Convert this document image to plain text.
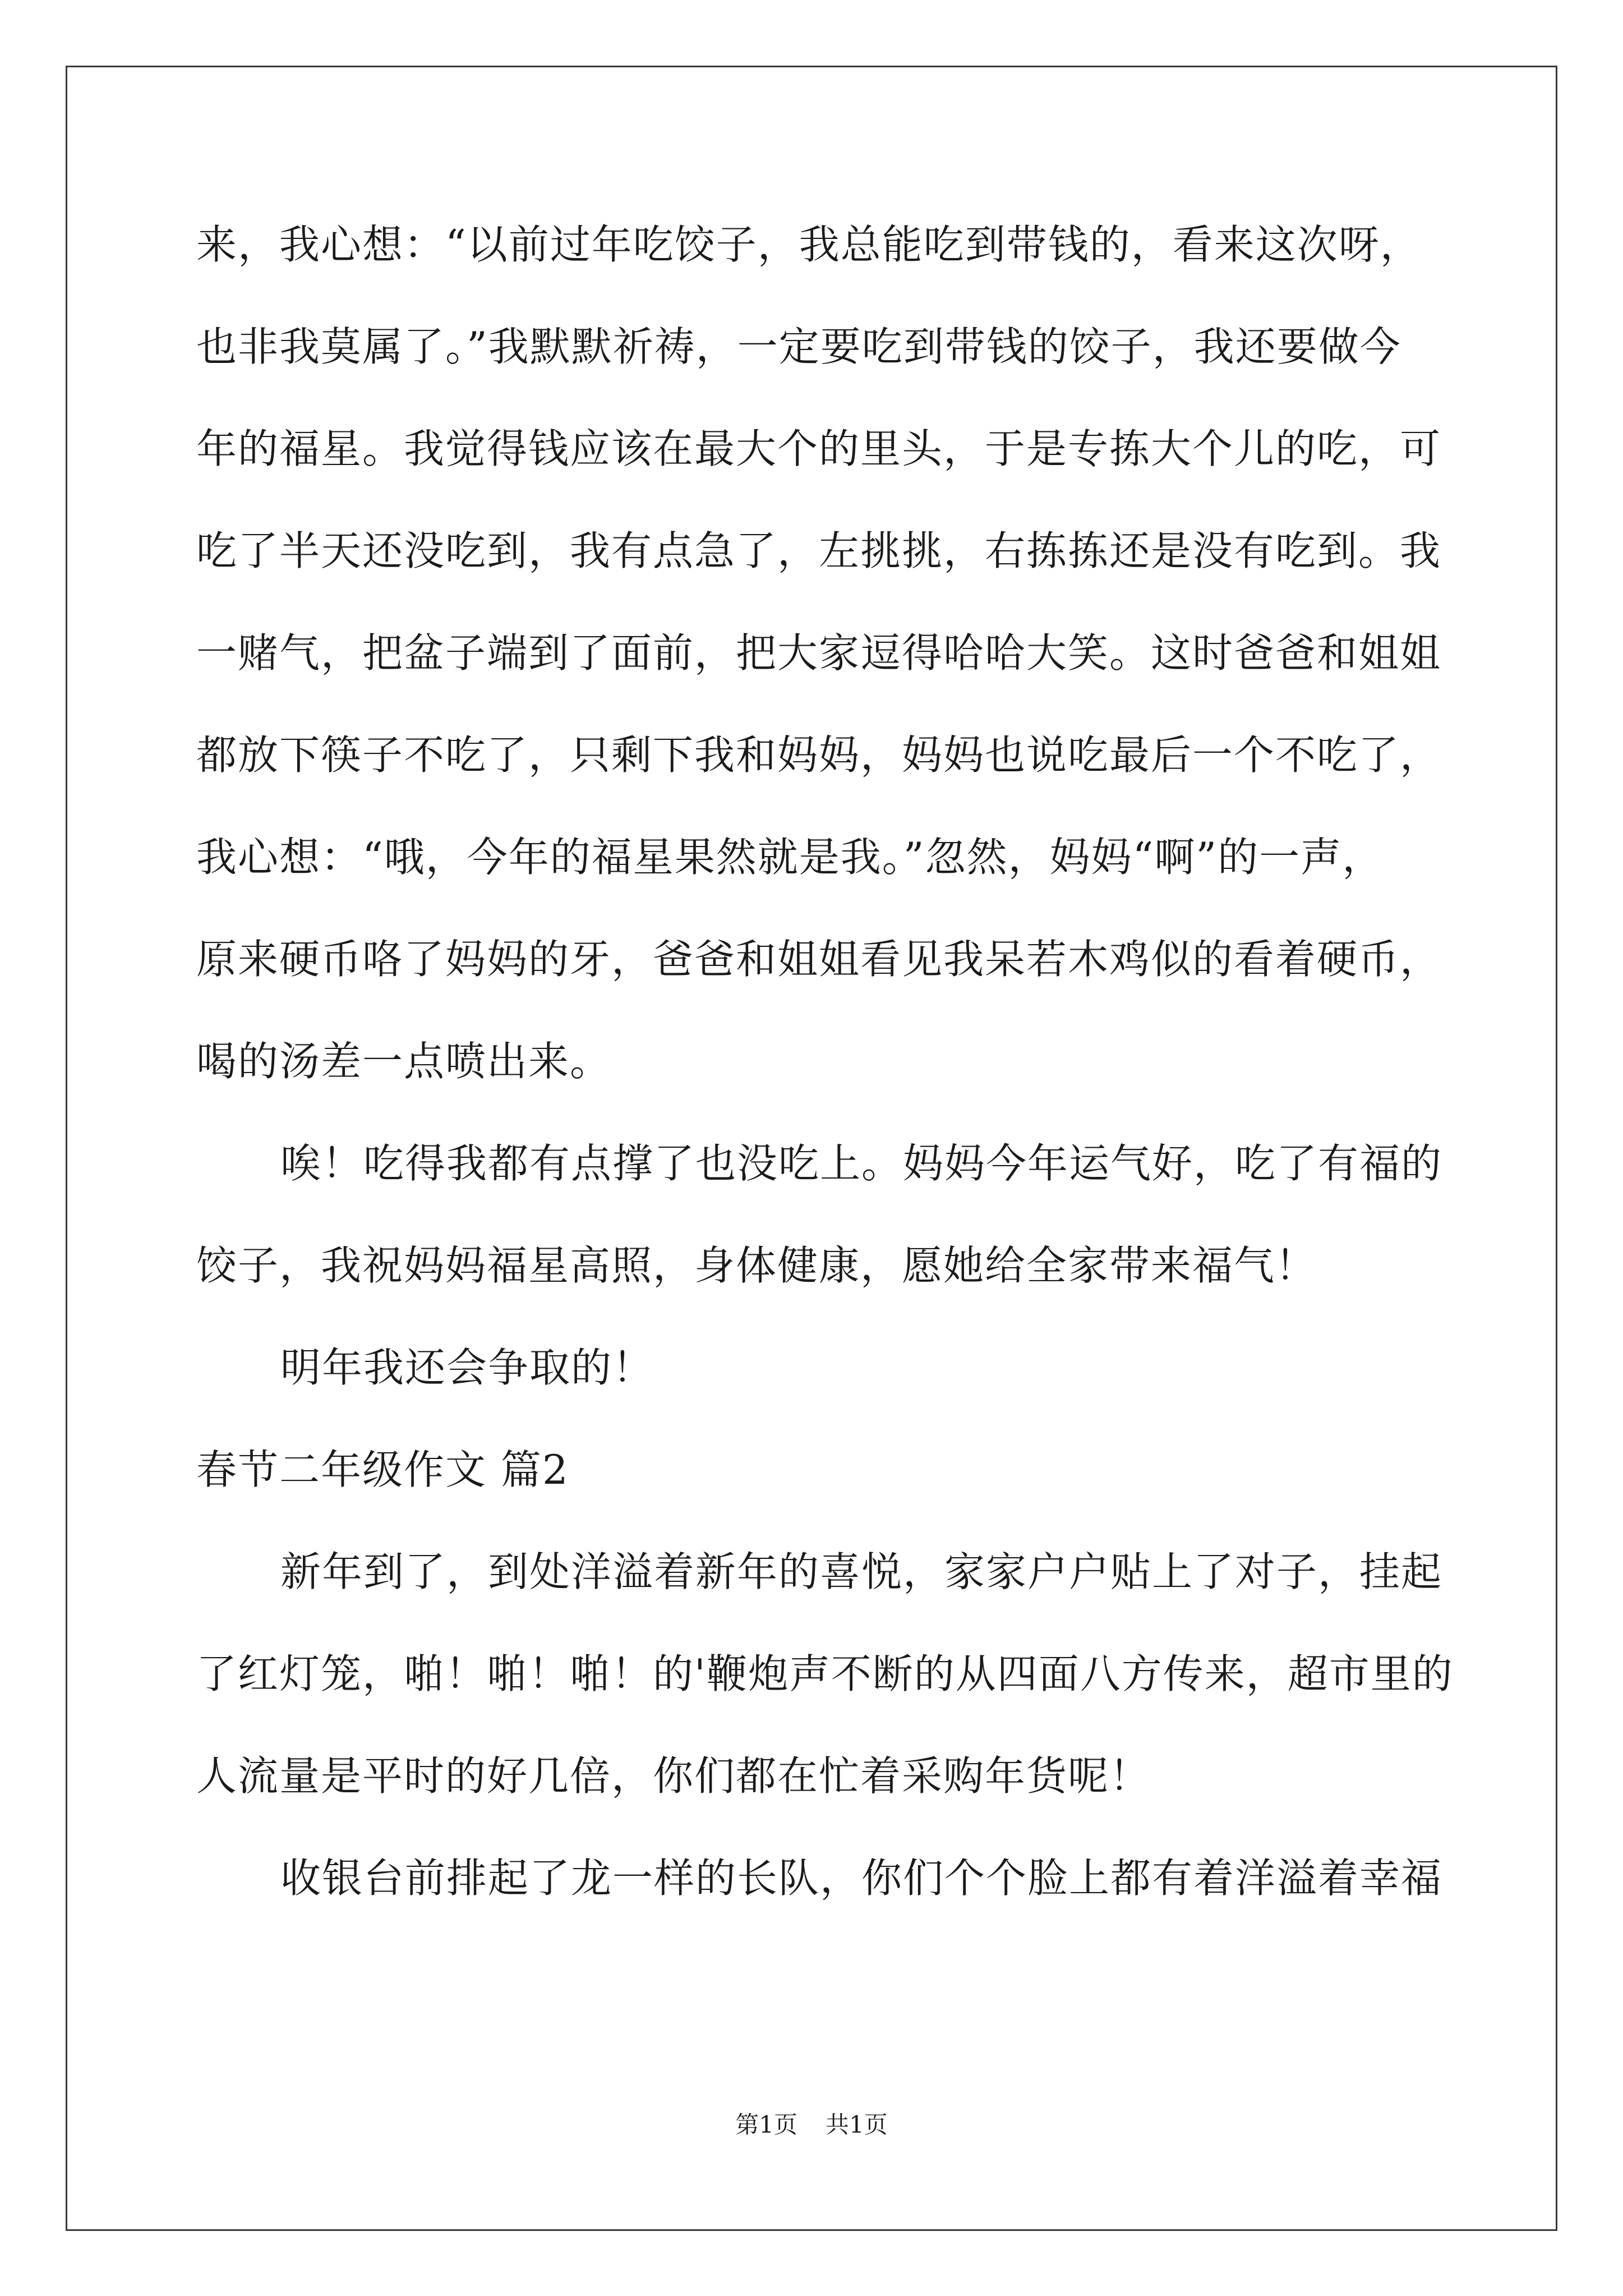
来，我心想：“以前过年吃饺子，我总能吃到带钱的，看来这次呀，
也非我莫属了。”我默默祈祷，一定要吃到带钱的饺子，我还要做今
年的福星。我觉得钱应该在最大个的里头，于是专拣大个儿的吃，可
吃了半天还没吃到，我有点急了，左挑挑，右拣拣还是没有吃到。我
一赌气，把盆子端到了面前，把大家逗得哈哈大笑。这时爸爸和姐姐
都放下筷子不吃了，只剩下我和妈妈，妈妈也说吃最后一个不吃了，
我心想：“哦，今年的福星果然就是我。”忽然，妈妈“啊”的一声，
原来硬币咯了妈妈的牙，爸爸和姐姐看见我呆若木鸡似的看着硬币，
喝的汤差一点喷出来。
唉！吃得我都有点撑了也没吃上。妈妈今年运气好，吃了有福的
饺子，我祝妈妈福星高照，身体健康，愿她给全家带来福气！
明年我还会争取的！
春节二年级作文 篇2
新年到了，到处洋溢着新年的喜悦，家家户户贴上了对子，挂起
了红灯笼，啪！啪！啪！的'鞭炮声不断的从四面八方传来，超市里的
人流量是平时的好几倍，你们都在忙着采购年货呢！
收银台前排起了龙一样的长队，你们个个脸上都有着洋溢着幸福
第1页 共1页
